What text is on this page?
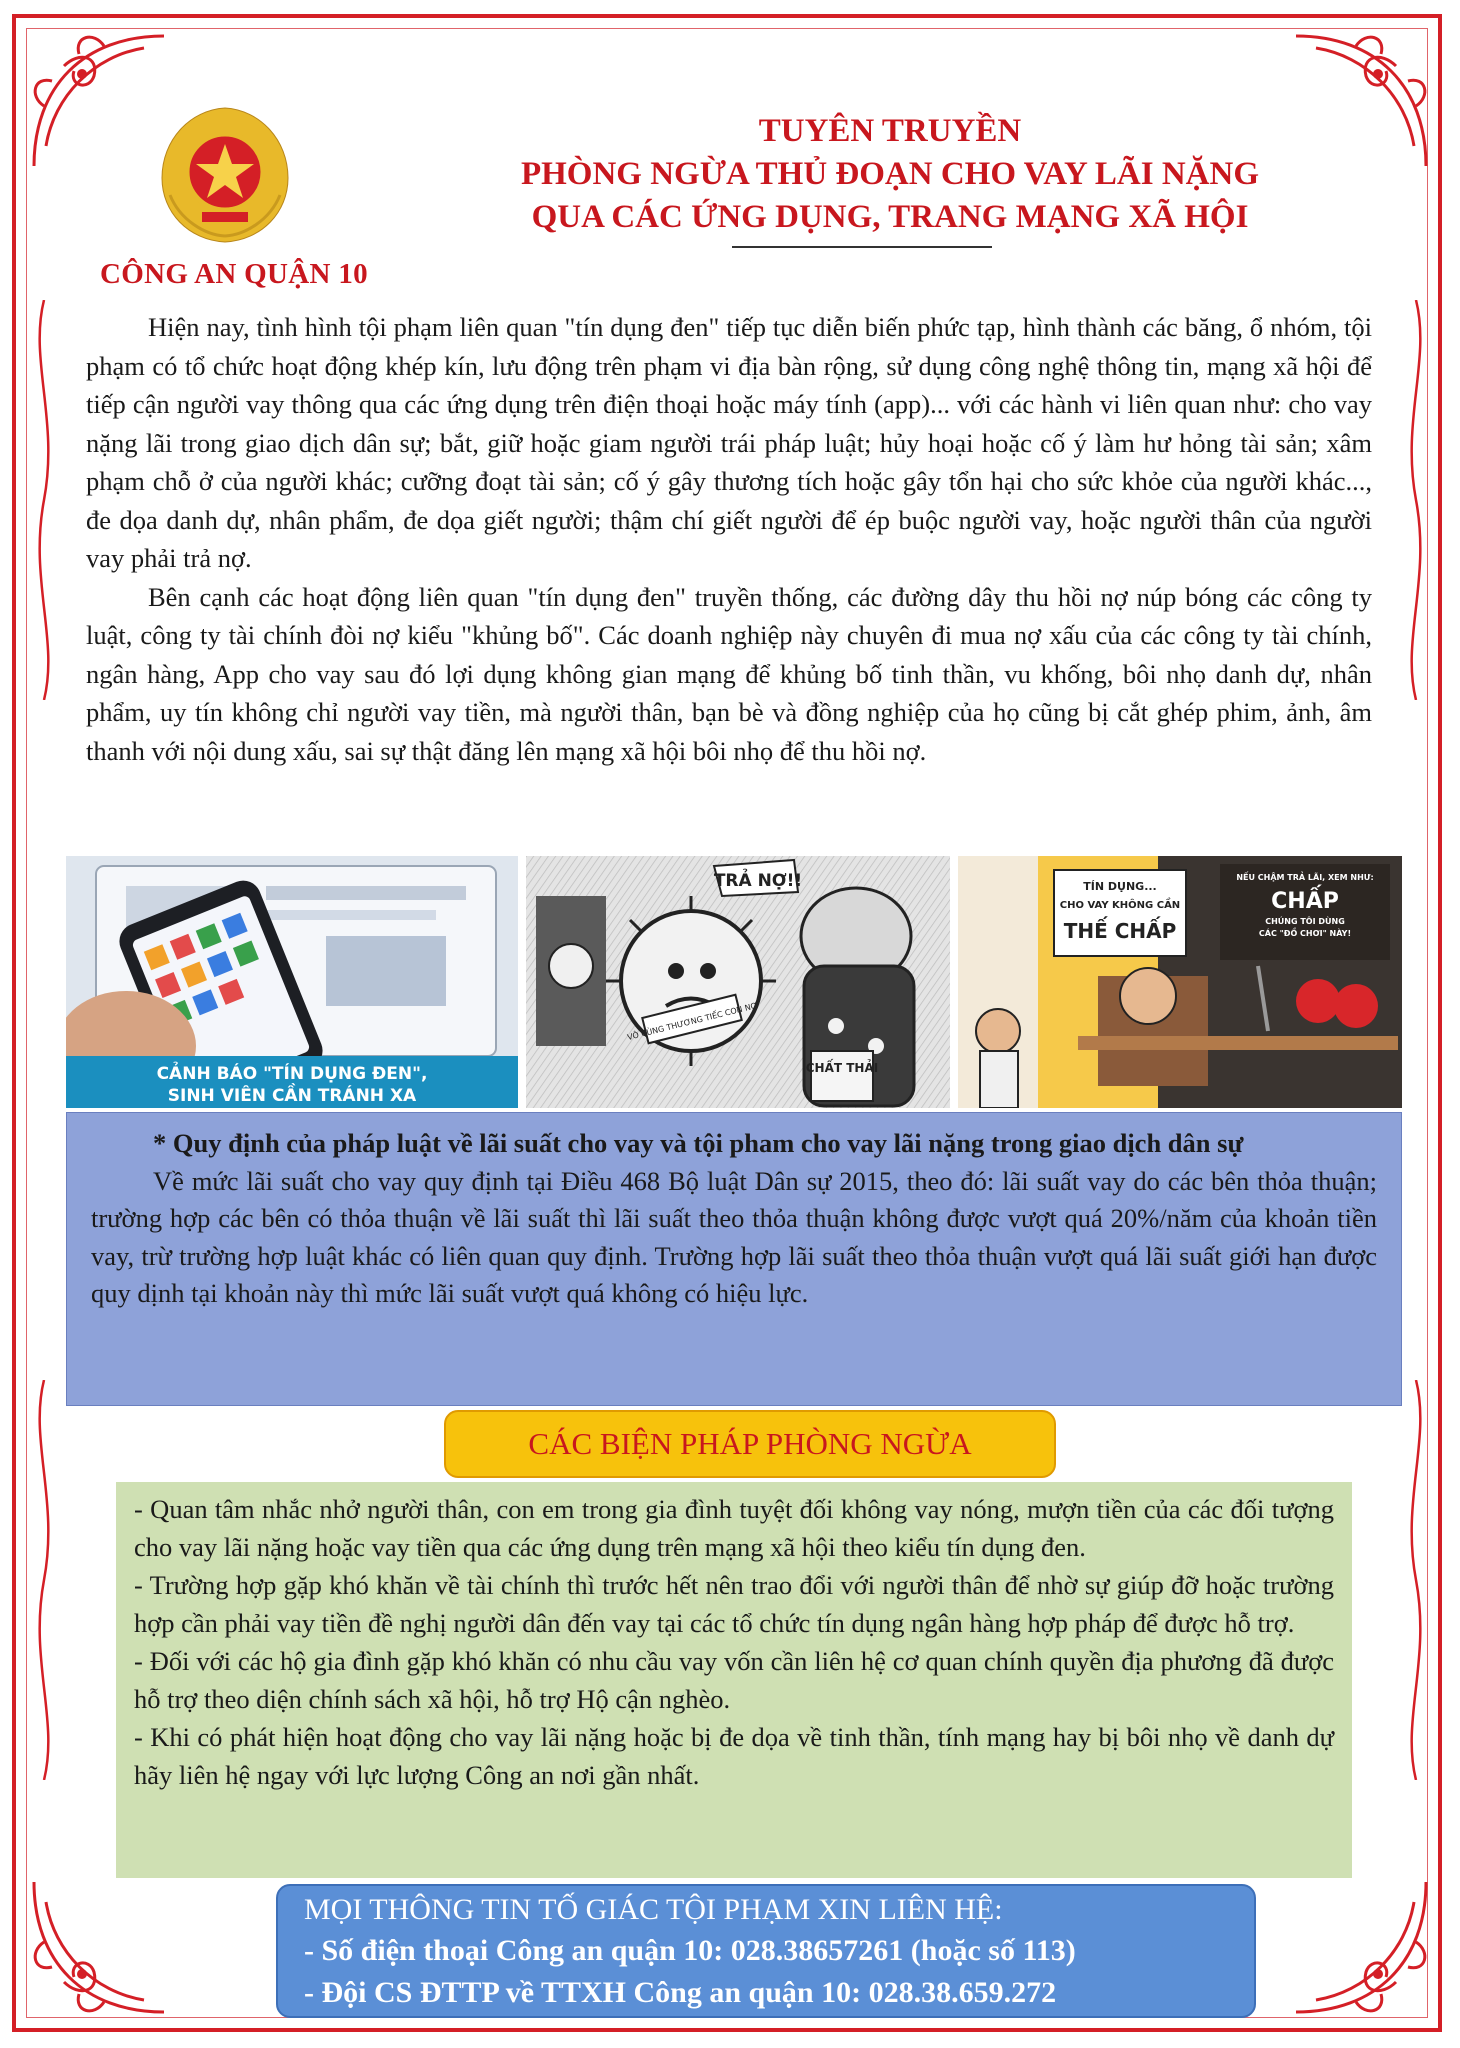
CÔNG AN QUẬN 10
TUYÊN TRUYỀN
PHÒNG NGỪA THỦ ĐOẠN CHO VAY LÃI NẶNG
QUA CÁC ỨNG DỤNG, TRANG MẠNG XÃ HỘI

Hiện nay, tình hình tội phạm liên quan "tín dụng đen" tiếp tục diễn biến phức tạp, hình thành các băng, ổ nhóm, tội phạm có tổ chức hoạt động khép kín, lưu động trên phạm vi địa bàn rộng, sử dụng công nghệ thông tin, mạng xã hội để tiếp cận người vay thông qua các ứng dụng trên điện thoại hoặc máy tính (app)... với các hành vi liên quan như: cho vay nặng lãi trong giao dịch dân sự; bắt, giữ hoặc giam người trái pháp luật; hủy hoại hoặc cố ý làm hư hỏng tài sản; xâm phạm chỗ ở của người khác; cưỡng đoạt tài sản; cố ý gây thương tích hoặc gây tổn hại cho sức khỏe của người khác..., đe dọa danh dự, nhân phẩm, đe dọa giết người; thậm chí giết người để ép buộc người vay, hoặc người thân của người vay phải trả nợ.

Bên cạnh các hoạt động liên quan "tín dụng đen" truyền thống, các đường dây thu hồi nợ núp bóng các công ty luật, công ty tài chính đòi nợ kiểu "khủng bố". Các doanh nghiệp này chuyên đi mua nợ xấu của các công ty tài chính, ngân hàng, App cho vay sau đó lợi dụng không gian mạng để khủng bố tinh thần, vu khống, bôi nhọ danh dự, nhân phẩm, uy tín không chỉ người vay tiền, mà người thân, bạn bè và đồng nghiệp của họ cũng bị cắt ghép phim, ảnh, âm thanh với nội dung xấu, sai sự thật đăng lên mạng xã hội bôi nhọ để thu hồi nợ.

CẢNH BÁO "TÍN DỤNG ĐEN",
SINH VIÊN CẦN TRÁNH XA
VÔ CÙNG THƯƠNG TIẾC CON NỢ
TRẢ NỢ!!
CHẤT THẢI
TÍN DỤNG...
CHO VAY KHÔNG CẦN
THẾ CHẤP
NẾU CHẬM TRẢ LÃI, XEM NHƯ:
CHẤP
CHÚNG TÔI DÙNG
CÁC "ĐỒ CHƠI" NÀY!

* Quy định của pháp luật về lãi suất cho vay và tội pham cho vay lãi nặng trong giao dịch dân sự

Về mức lãi suất cho vay quy định tại Điều 468 Bộ luật Dân sự 2015, theo đó: lãi suất vay do các bên thỏa thuận; trường hợp các bên có thỏa thuận về lãi suất thì lãi suất theo thỏa thuận không được vượt quá 20%/năm của khoản tiền vay, trừ trường hợp luật khác có liên quan quy định. Trường hợp lãi suất theo thỏa thuận vượt quá lãi suất giới hạn được quy dịnh tại khoản này thì mức lãi suất vượt quá không có hiệu lực.

CÁC BIỆN PHÁP PHÒNG NGỪA

- Quan tâm nhắc nhở người thân, con em trong gia đình tuyệt đối không vay nóng, mượn tiền của các đối tượng cho vay lãi nặng hoặc vay tiền qua các ứng dụng trên mạng xã hội theo kiểu tín dụng đen.

- Trường hợp gặp khó khăn về tài chính thì trước hết nên trao đổi với người thân để nhờ sự giúp đỡ hoặc trường hợp cần phải vay tiền đề nghị người dân đến vay tại các tổ chức tín dụng ngân hàng hợp pháp để được hỗ trợ.

- Đối với các hộ gia đình gặp khó khăn có nhu cầu vay vốn cần liên hệ cơ quan chính quyền địa phương đã được hỗ trợ theo diện chính sách xã hội, hỗ trợ Hộ cận nghèo.

- Khi có phát hiện hoạt động cho vay lãi nặng hoặc bị đe dọa về tinh thần, tính mạng hay bị bôi nhọ về danh dự hãy liên hệ ngay với lực lượng Công an nơi gần nhất.

MỌI THÔNG TIN TỐ GIÁC TỘI PHẠM XIN LIÊN HỆ:

- Số điện thoại Công an quận 10: 028.38657261 (hoặc số 113)

- Đội CS ĐTTP về TTXH Công an quận 10: 028.38.659.272
